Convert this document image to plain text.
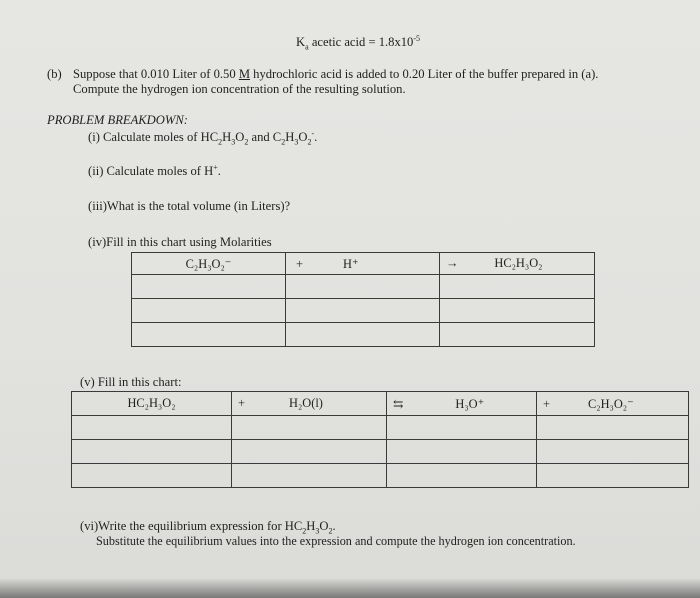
$K_a$ acetic acid = $1.8x10^{-5}$
(b) Suppose that 0.010 Liter of 0.50 M hydrochloric acid is added to 0.20 Liter of the buffer prepared in (a).
Compute the hydrogen ion concentration of the resulting solution.
PROBLEM BREAKDOWN:
(i) Calculate moles of $HC_2H_3O_2$ and $C_2H_3O_2^-$.
(ii) Calculate moles of H+.
(iii)What is the total volume (in Liters)?
(iv)Fill in this chart using Molarities
C₂H₃O₂⁻	+ H⁺	→ HC₂H₃O₂

(v) Fill in this chart:
HC₂H₃O₂	+ H₂O(l)	⇆ H₃O⁺	+ C₂H₃O₂⁻

(vi)Write the equilibrium expression for $HC_2H_3O_2$.
Substitute the equilibrium values into the expression and compute the hydrogen ion concentration.
